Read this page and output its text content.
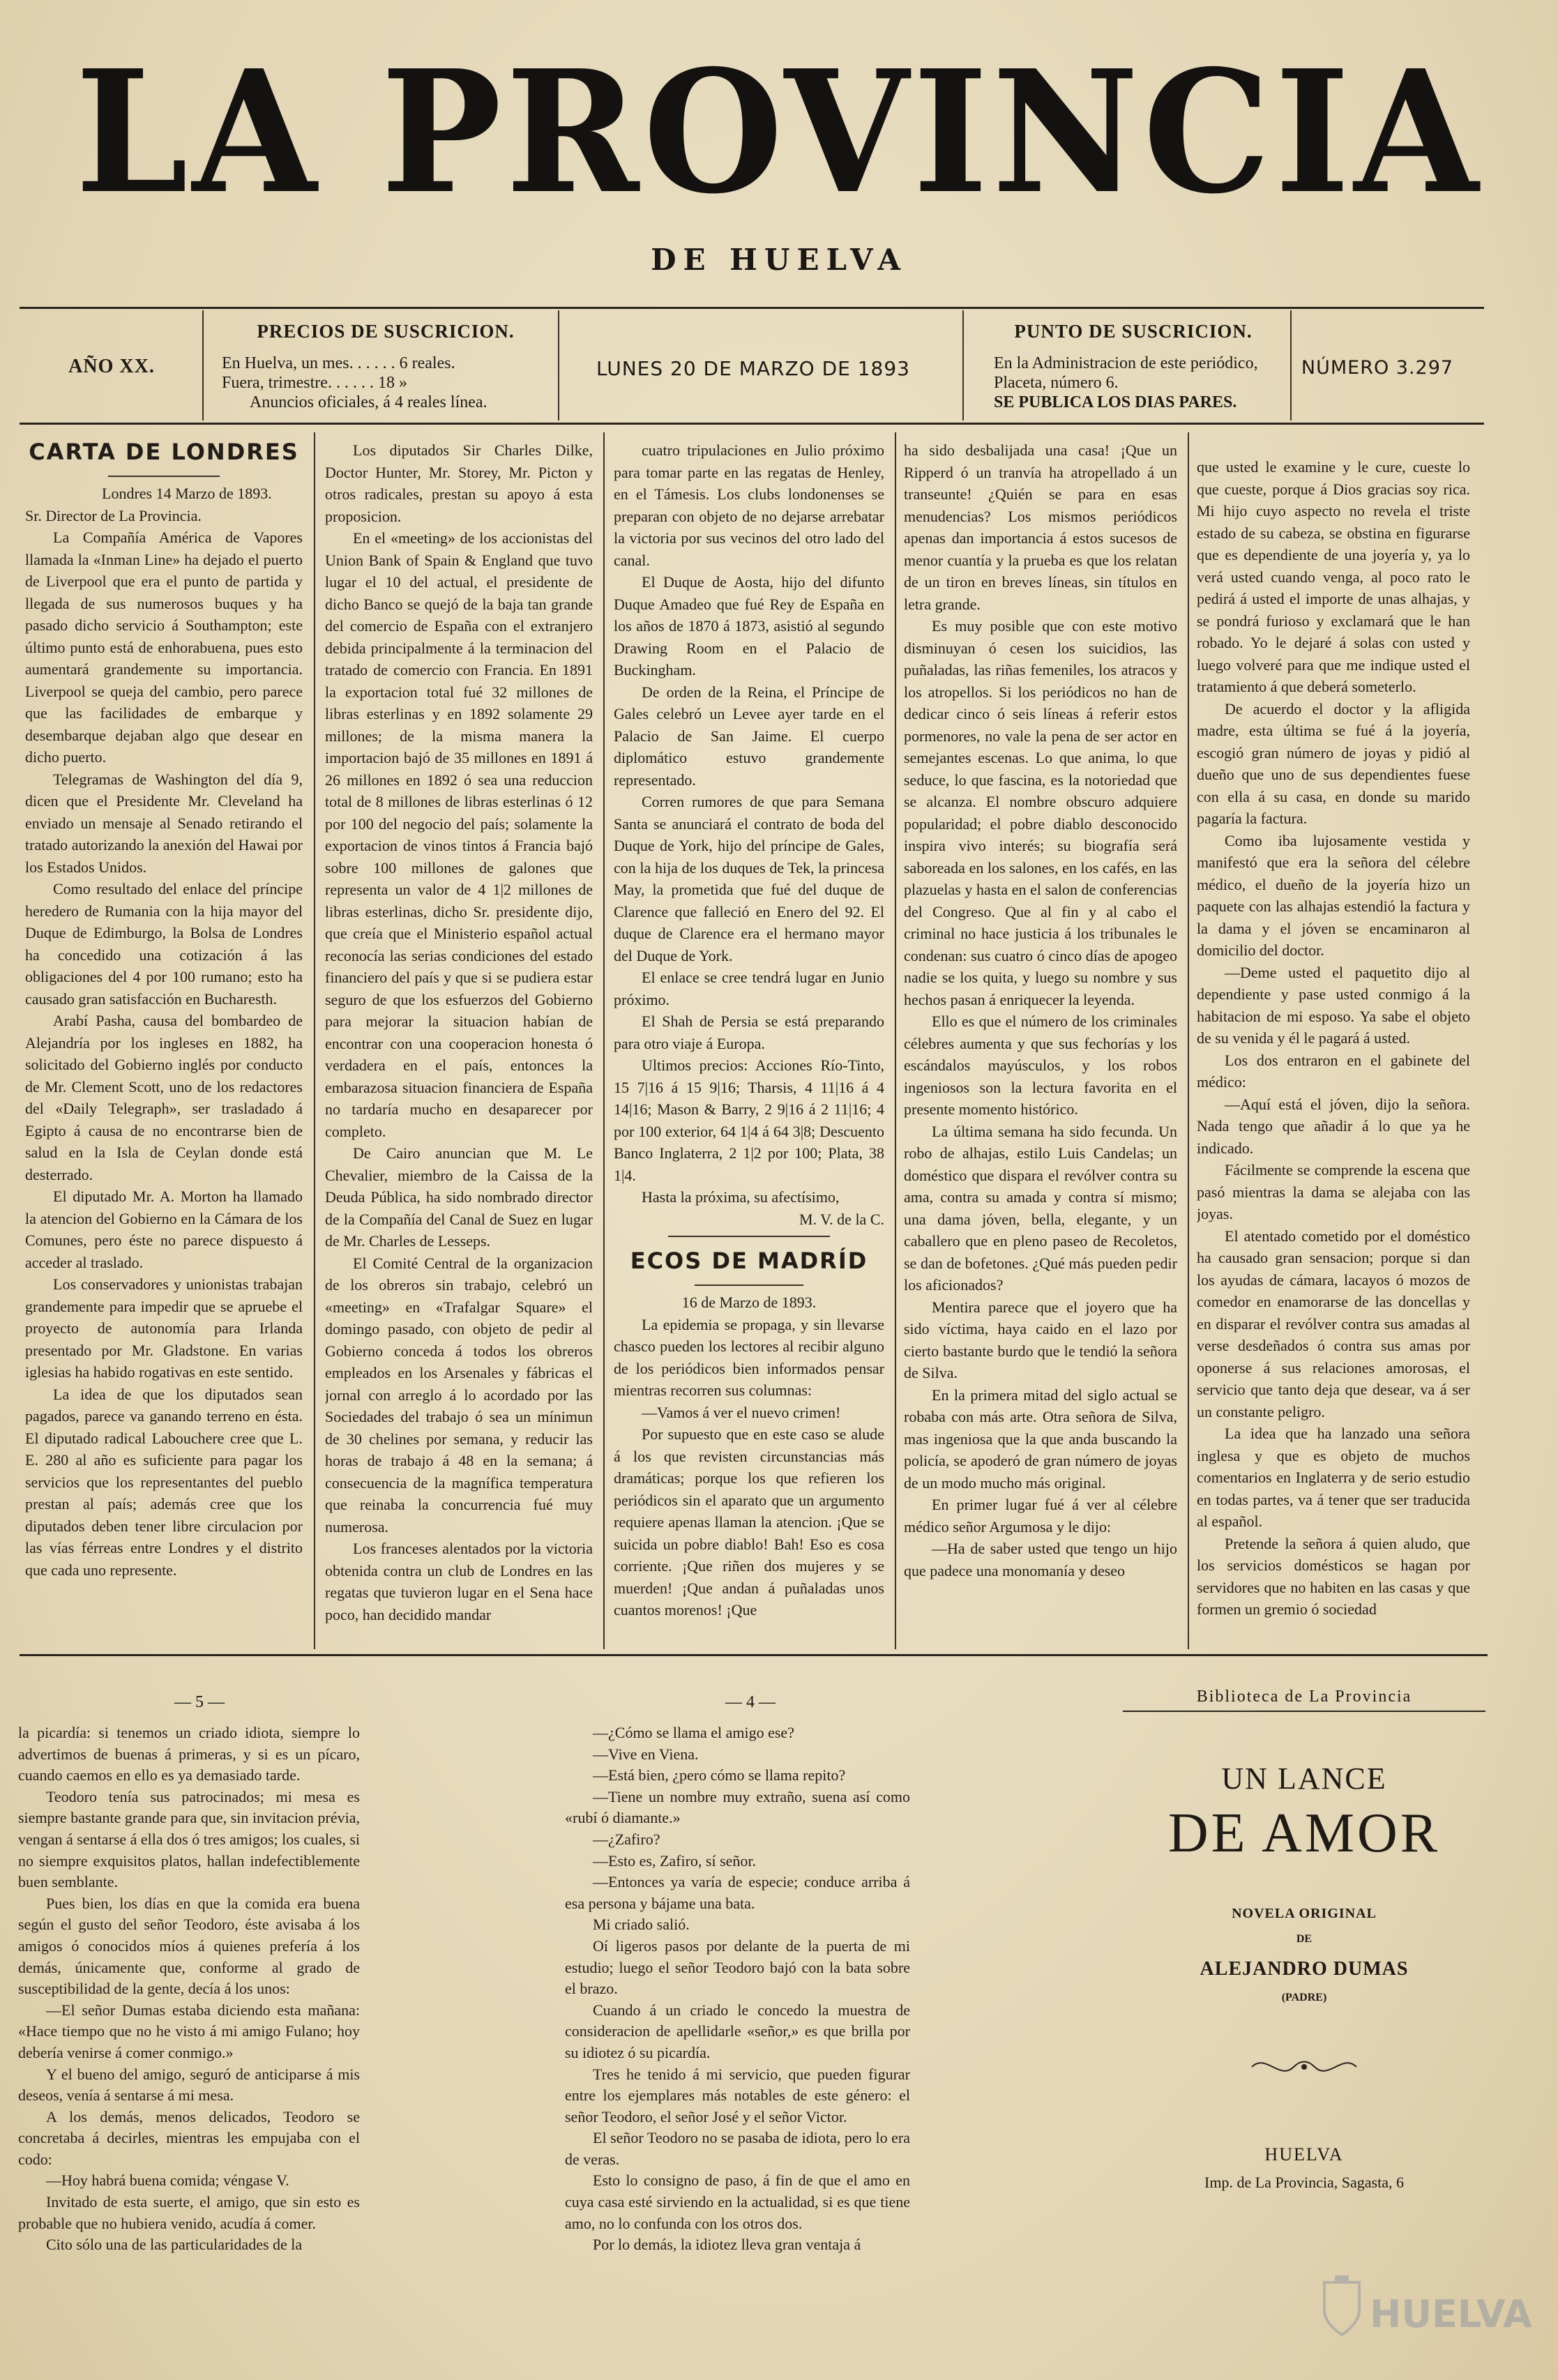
LA PROVINCIA
DE HUELVA
AÑO XX.
PRECIOS DE SUSCRICION.
En Huelva, un mes. . . . . . 6 reales.
Fuera, trimestre. . . . . . 18 »
Anuncios oficiales, á 4 reales línea.
LUNES 20 DE MARZO DE 1893
PUNTO DE SUSCRICION.
En la Administracion de este periódico,
Placeta, número 6.
SE PUBLICA LOS DIAS PARES.
NÚMERO 3.297

CARTA DE LONDRES

Londres 14 Marzo de 1893.

Sr. Director de La Provincia.

La Compañía América de Vapores llamada la «Inman Line» ha dejado el puerto de Liverpool que era el punto de partida y llegada de sus numerosos buques y ha pasado dicho servicio á Southampton; este último punto está de enhorabuena, pues esto aumentará grandemente su importancia. Liverpool se queja del cambio, pero parece que las facilidades de embarque y desembarque dejaban algo que desear en dicho puerto.

Telegramas de Washington del día 9, dicen que el Presidente Mr. Cleveland ha enviado un mensaje al Senado retirando el tratado autorizando la anexión del Hawai por los Estados Unidos.

Como resultado del enlace del príncipe heredero de Rumania con la hija mayor del Duque de Edimburgo, la Bolsa de Londres ha concedido una cotización á las obligaciones del 4 por 100 rumano; esto ha causado gran satisfacción en Bucharesth.

Arabí Pasha, causa del bombardeo de Alejandría por los ingleses en 1882, ha solicitado del Gobierno inglés por conducto de Mr. Clement Scott, uno de los redactores del «Daily Telegraph», ser trasladado á Egipto á causa de no encontrarse bien de salud en la Isla de Ceylan donde está desterrado.

El diputado Mr. A. Morton ha llamado la atencion del Gobierno en la Cámara de los Comunes, pero éste no parece dispuesto á acceder al traslado.

Los conservadores y unionistas trabajan grandemente para impedir que se apruebe el proyecto de autonomía para Irlanda presentado por Mr. Gladstone. En varias iglesias ha habido rogativas en este sentido.

La idea de que los diputados sean pagados, parece va ganando terreno en ésta. El diputado radical Labouchere cree que L. E. 280 al año es suficiente para pagar los servicios que los representantes del pueblo prestan al país; además cree que los diputados deben tener libre circulacion por las vías férreas entre Londres y el distrito que cada uno represente.

Los diputados Sir Charles Dilke, Doctor Hunter, Mr. Storey, Mr. Picton y otros radicales, prestan su apoyo á esta proposicion.

En el «meeting» de los accionistas del Union Bank of Spain & England que tuvo lugar el 10 del actual, el presidente de dicho Banco se quejó de la baja tan grande del comercio de España con el extranjero debida principalmente á la terminacion del tratado de comercio con Francia. En 1891 la exportacion total fué 32 millones de libras esterlinas y en 1892 solamente 29 millones; de la misma manera la importacion bajó de 35 millones en 1891 á 26 millones en 1892 ó sea una reduccion total de 8 millones de libras esterlinas ó 12 por 100 del negocio del país; solamente la exportacion de vinos tintos á Francia bajó sobre 100 millones de galones que representa un valor de 4 1|2 millones de libras esterlinas, dicho Sr. presidente dijo, que creía que el Ministerio español actual reconocía las serias condiciones del estado financiero del país y que si se pudiera estar seguro de que los esfuerzos del Gobierno para mejorar la situacion habían de encontrar con una cooperacion honesta ó verdadera en el país, entonces la embarazosa situacion financiera de España no tardaría mucho en desaparecer por completo.

De Cairo anuncian que M. Le Chevalier, miembro de la Caissa de la Deuda Pública, ha sido nombrado director de la Compañía del Canal de Suez en lugar de Mr. Charles de Lesseps.

El Comité Central de la organizacion de los obreros sin trabajo, celebró un «meeting» en «Trafalgar Square» el domingo pasado, con objeto de pedir al Gobierno conceda á todos los obreros empleados en los Arsenales y fábricas el jornal con arreglo á lo acordado por las Sociedades del trabajo ó sea un mínimun de 30 chelines por semana, y reducir las horas de trabajo á 48 en la semana; á consecuencia de la magnífica temperatura que reinaba la concurrencia fué muy numerosa.

Los franceses alentados por la victoria obtenida contra un club de Londres en las regatas que tuvieron lugar en el Sena hace poco, han decidido mandar

cuatro tripulaciones en Julio próximo para tomar parte en las regatas de Henley, en el Támesis. Los clubs londonenses se preparan con objeto de no dejarse arrebatar la victoria por sus vecinos del otro lado del canal.

El Duque de Aosta, hijo del difunto Duque Amadeo que fué Rey de España en los años de 1870 á 1873, asistió al segundo Drawing Room en el Palacio de Buckingham.

De orden de la Reina, el Príncipe de Gales celebró un Levee ayer tarde en el Palacio de San Jaime. El cuerpo diplomático estuvo grandemente representado.

Corren rumores de que para Semana Santa se anunciará el contrato de boda del Duque de York, hijo del príncipe de Gales, con la hija de los duques de Tek, la princesa May, la prometida que fué del duque de Clarence que falleció en Enero del 92. El duque de Clarence era el hermano mayor del Duque de York.

El enlace se cree tendrá lugar en Junio próximo.

El Shah de Persia se está preparando para otro viaje á Europa.

Ultimos precios: Acciones Río-Tinto, 15 7|16 á 15 9|16; Tharsis, 4 11|16 á 4 14|16; Mason & Barry, 2 9|16 á 2 11|16; 4 por 100 exterior, 64 1|4 á 64 3|8; Descuento Banco Inglaterra, 2 1|2 por 100; Plata, 38 1|4.

Hasta la próxima, su afectísimo,

M. V. de la C.

ECOS DE MADRÍD

16 de Marzo de 1893.

La epidemia se propaga, y sin llevarse chasco pueden los lectores al recibir alguno de los periódicos bien informados pensar mientras recorren sus columnas:

—Vamos á ver el nuevo crimen!

Por supuesto que en este caso se alude á los que revisten circunstancias más dramáticas; porque los que refieren los periódicos sin el aparato que un argumento requiere apenas llaman la atencion. ¡Que se suicida un pobre diablo! Bah! Eso es cosa corriente. ¡Que riñen dos mujeres y se muerden! ¡Que andan á puñaladas unos cuantos morenos! ¡Que

ha sido desbalijada una casa! ¡Que un Ripperd ó un tranvía ha atropellado á un transeunte! ¿Quién se para en esas menudencias? Los mismos periódicos apenas dan importancia á estos sucesos de menor cuantía y la prueba es que los relatan de un tiron en breves líneas, sin títulos en letra grande.

Es muy posible que con este motivo disminuyan ó cesen los suicidios, las puñaladas, las riñas femeniles, los atracos y los atropellos. Si los periódicos no han de dedicar cinco ó seis líneas á referir estos pormenores, no vale la pena de ser actor en semejantes escenas. Lo que anima, lo que seduce, lo que fascina, es la notoriedad que se alcanza. El nombre obscuro adquiere popularidad; el pobre diablo desconocido inspira vivo interés; su biografía será saboreada en los salones, en los cafés, en las plazuelas y hasta en el salon de conferencias del Congreso. Que al fin y al cabo el criminal no hace justicia á los tribunales le condenan: sus cuatro ó cinco días de apogeo nadie se los quita, y luego su nombre y sus hechos pasan á enriquecer la leyenda.

Ello es que el número de los criminales célebres aumenta y que sus fechorías y los escándalos mayúsculos, y los robos ingeniosos son la lectura favorita en el presente momento histórico.

La última semana ha sido fecunda. Un robo de alhajas, estilo Luis Candelas; un doméstico que dispara el revólver contra su ama, contra su amada y contra sí mismo; una dama jóven, bella, elegante, y un caballero que en pleno paseo de Recoletos, se dan de bofetones. ¿Qué más pueden pedir los aficionados?

Mentira parece que el joyero que ha sido víctima, haya caido en el lazo por cierto bastante burdo que le tendió la señora de Silva.

En la primera mitad del siglo actual se robaba con más arte. Otra señora de Silva, mas ingeniosa que la que anda buscando la policía, se apoderó de gran número de joyas de un modo mucho más original.

En primer lugar fué á ver al célebre médico señor Argumosa y le dijo:

—Ha de saber usted que tengo un hijo que padece una monomanía y deseo

que usted le examine y le cure, cueste lo que cueste, porque á Dios gracias soy rica. Mi hijo cuyo aspecto no revela el triste estado de su cabeza, se obstina en figurarse que es dependiente de una joyería y, ya lo verá usted cuando venga, al poco rato le pedirá á usted el importe de unas alhajas, y se pondrá furioso y exclamará que le han robado. Yo le dejaré á solas con usted y luego volveré para que me indique usted el tratamiento á que deberá someterlo.

De acuerdo el doctor y la afligida madre, esta última se fué á la joyería, escogió gran número de joyas y pidió al dueño que uno de sus dependientes fuese con ella á su casa, en donde su marido pagaría la factura.

Como iba lujosamente vestida y manifestó que era la señora del célebre médico, el dueño de la joyería hizo un paquete con las alhajas estendió la factura y la dama y el jóven se encaminaron al domicilio del doctor.

—Deme usted el paquetito dijo al dependiente y pase usted conmigo á la habitacion de mi esposo. Ya sabe el objeto de su venida y él le pagará á usted.

Los dos entraron en el gabinete del médico:

—Aquí está el jóven, dijo la señora. Nada tengo que añadir á lo que ya he indicado.

Fácilmente se comprende la escena que pasó mientras la dama se alejaba con las joyas.

El atentado cometido por el doméstico ha causado gran sensacion; porque si dan los ayudas de cámara, lacayos ó mozos de comedor en enamorarse de las doncellas y en disparar el revólver contra sus amadas al verse desdeñados ó contra sus amas por oponerse á sus relaciones amorosas, el servicio que tanto deja que desear, va á ser un constante peligro.

La idea que ha lanzado una señora inglesa y que es objeto de muchos comentarios en Inglaterra y de serio estudio en todas partes, va á tener que ser traducida al español.

Pretende la señora á quien aludo, que los servicios domésticos se hagan por servidores que no habiten en las casas y que formen un gremio ó sociedad

— 5 —	— 4 —

la picardía: si tenemos un criado idiota, siempre lo advertimos de buenas á primeras, y si es un pícaro, cuando caemos en ello es ya demasiado tarde.

Teodoro tenía sus patrocinados; mi mesa es siempre bastante grande para que, sin invitacion prévia, vengan á sentarse á ella dos ó tres amigos; los cuales, si no siempre exquisitos platos, hallan indefectiblemente buen semblante.

Pues bien, los días en que la comida era buena según el gusto del señor Teodoro, éste avisaba á los amigos ó conocidos míos á quienes prefería á los demás, únicamente que, conforme al grado de susceptibilidad de la gente, decía á los unos:

—El señor Dumas estaba diciendo esta mañana: «Hace tiempo que no he visto á mi amigo Fulano; hoy debería venirse á comer conmigo.»

Y el bueno del amigo, seguró de anticiparse á mis deseos, venía á sentarse á mi mesa.

A los demás, menos delicados, Teodoro se concretaba á decirles, mientras les empujaba con el codo:

—Hoy habrá buena comida; véngase V.

Invitado de esta suerte, el amigo, que sin esto es probable que no hubiera venido, acudía á comer.

Cito sólo una de las particularidades de la

—¿Cómo se llama el amigo ese?

—Vive en Viena.

—Está bien, ¿pero cómo se llama repito?

—Tiene un nombre muy extraño, suena así como «rubí ó diamante.»

—¿Zafiro?

—Esto es, Zafiro, sí señor.

—Entonces ya varía de especie; conduce arriba á esa persona y bájame una bata.

Mi criado salió.

Oí ligeros pasos por delante de la puerta de mi estudio; luego el señor Teodoro bajó con la bata sobre el brazo.

Cuando á un criado le concedo la muestra de consideracion de apellidarle «señor,» es que brilla por su idiotez ó su picardía.

Tres he tenido á mi servicio, que pueden figurar entre los ejemplares más notables de este género: el señor Teodoro, el señor José y el señor Victor.

El señor Teodoro no se pasaba de idiota, pero lo era de veras.

Esto lo consigno de paso, á fin de que el amo en cuya casa esté sirviendo en la actualidad, si es que tiene amo, no lo confunda con los otros dos.

Por lo demás, la idiotez lleva gran ventaja á

Biblioteca de La Provincia
UN LANCE
DE AMOR
NOVELA ORIGINAL
DE
ALEJANDRO DUMAS
(PADRE)
HUELVA
Imp. de La Provincia, Sagasta, 6
HUELVA
